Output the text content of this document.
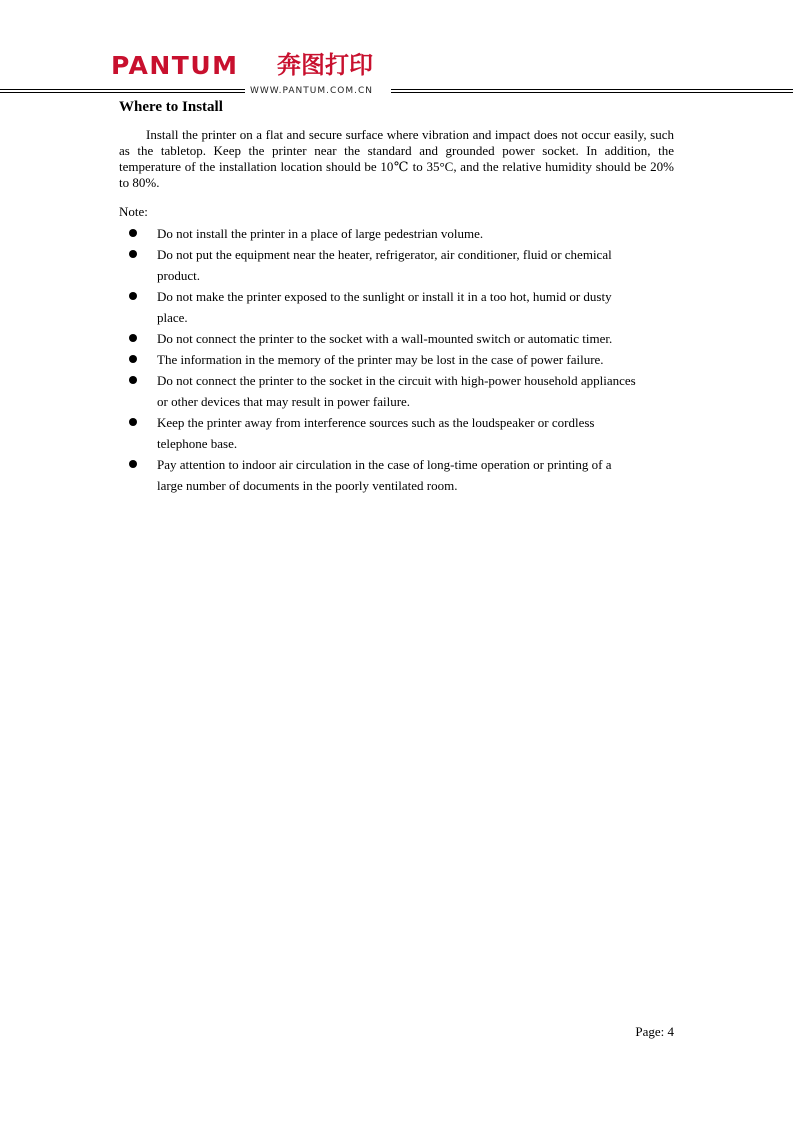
PANTUM 奔图打印
WWW.PANTUM.COM.CN
Where to Install

Install the printer on a flat and secure surface where vibration and impact does not occur easily, such as the tabletop. Keep the printer near the standard and grounded power socket. In addition, the temperature of the installation location should be 10℃ to 35°C, and the relative humidity should be 20% to 80%.

Note:

Do not install the printer in a place of large pedestrian volume.
Do not put the equipment near the heater, refrigerator, air conditioner, fluid or chemical product.
Do not make the printer exposed to the sunlight or install it in a too hot, humid or dusty place.
Do not connect the printer to the socket with a wall-mounted switch or automatic timer.
The information in the memory of the printer may be lost in the case of power failure.
Do not connect the printer to the socket in the circuit with high-power household appliances or other devices that may result in power failure.
Keep the printer away from interference sources such as the loudspeaker or cordless telephone base.
Pay attention to indoor air circulation in the case of long-time operation or printing of a large number of documents in the poorly ventilated room.
Page: 4
